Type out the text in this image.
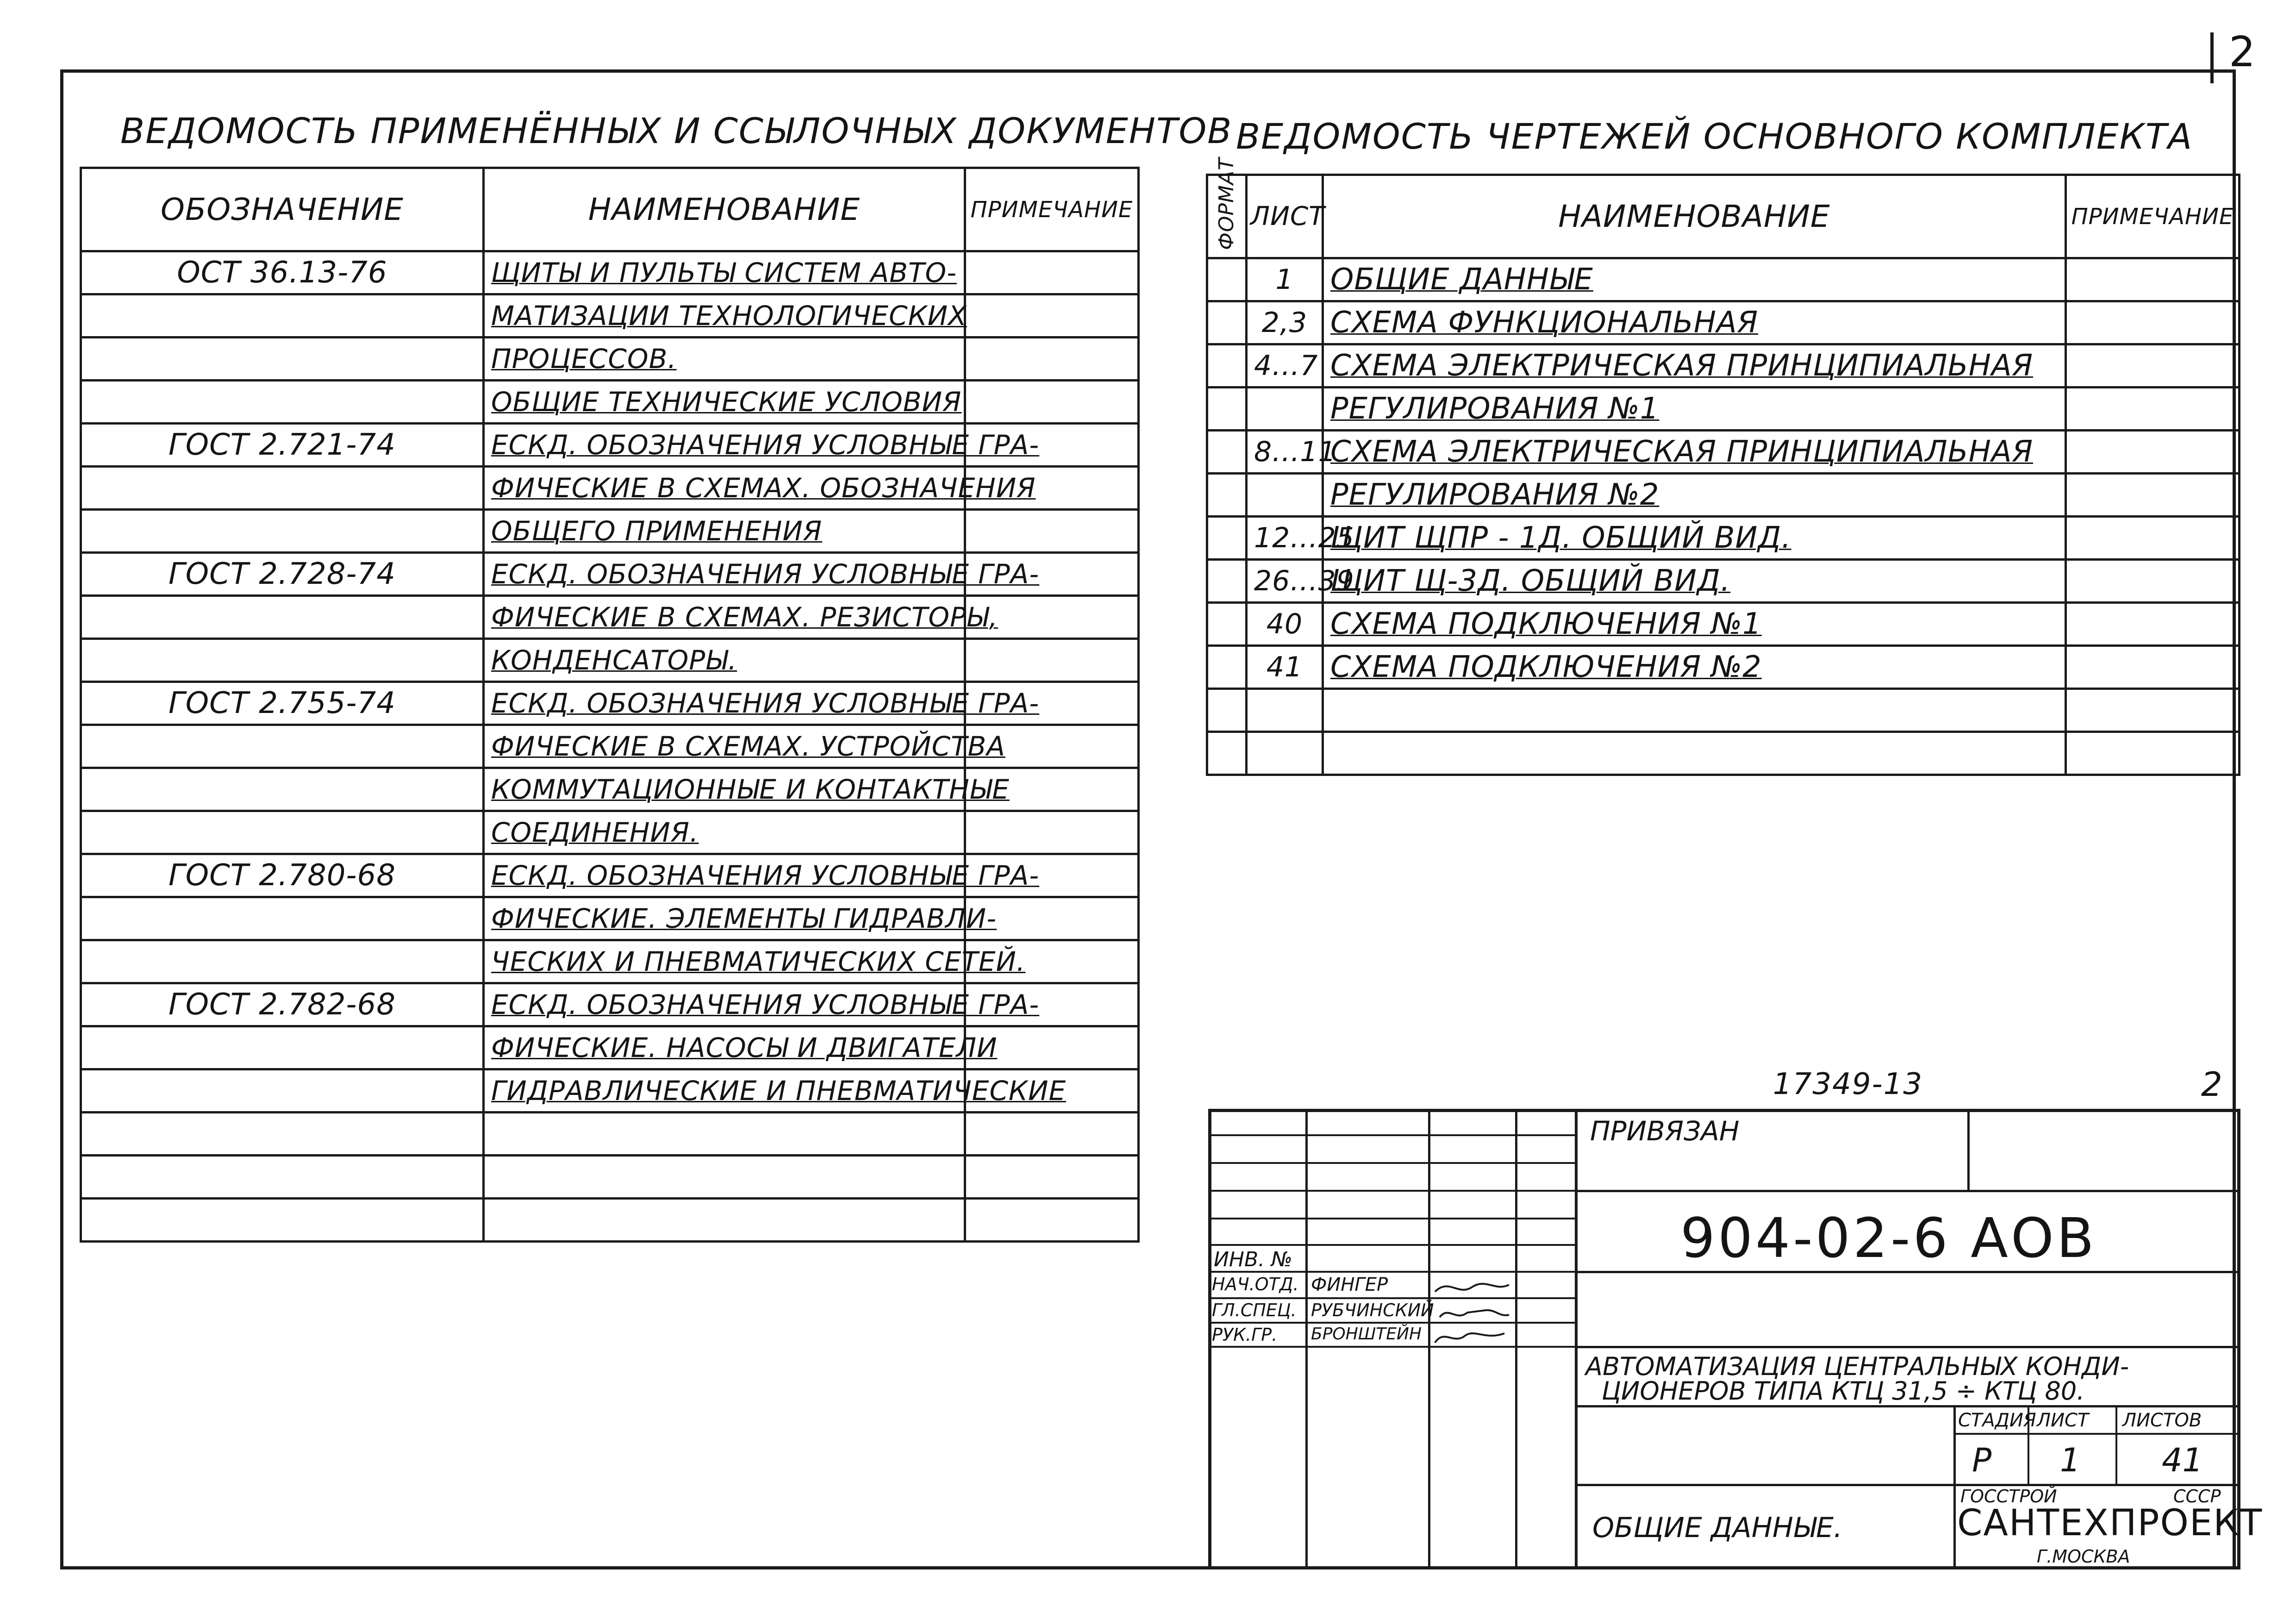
2
ВЕДОМОСТЬ ПРИМЕНЁННЫХ И ССЫЛОЧНЫХ ДОКУМЕНТОВ
ОБОЗНАЧЕНИЕ	НАИМЕНОВАНИЕ	ПРИМЕЧАНИЕ
ОСТ 36.13-76	ЩИТЫ И ПУЛЬТЫ СИСТЕМ АВТО-	
	МАТИЗАЦИИ ТЕХНОЛОГИЧЕСКИХ	
	ПРОЦЕССОВ.	
	ОБЩИЕ ТЕХНИЧЕСКИЕ УСЛОВИЯ	
ГОСТ 2.721-74	ЕСКД. ОБОЗНАЧЕНИЯ УСЛОВНЫЕ ГРА-	
	ФИЧЕСКИЕ В СХЕМАХ. ОБОЗНАЧЕНИЯ	
	ОБЩЕГО ПРИМЕНЕНИЯ	
ГОСТ 2.728-74	ЕСКД. ОБОЗНАЧЕНИЯ УСЛОВНЫЕ ГРА-	
	ФИЧЕСКИЕ В СХЕМАХ. РЕЗИСТОРЫ,	
	КОНДЕНСАТОРЫ.	
ГОСТ 2.755-74	ЕСКД. ОБОЗНАЧЕНИЯ УСЛОВНЫЕ ГРА-	
	ФИЧЕСКИЕ В СХЕМАХ. УСТРОЙСТВА	
	КОММУТАЦИОННЫЕ И КОНТАКТНЫЕ	
	СОЕДИНЕНИЯ.	
ГОСТ 2.780-68	ЕСКД. ОБОЗНАЧЕНИЯ УСЛОВНЫЕ ГРА-	
	ФИЧЕСКИЕ. ЭЛЕМЕНТЫ ГИДРАВЛИ-	
	ЧЕСКИХ И ПНЕВМАТИЧЕСКИХ СЕТЕЙ.	
ГОСТ 2.782-68	ЕСКД. ОБОЗНАЧЕНИЯ УСЛОВНЫЕ ГРА-	
	ФИЧЕСКИЕ. НАСОСЫ И ДВИГАТЕЛИ	
	ГИДРАВЛИЧЕСКИЕ И ПНЕВМАТИЧЕСКИЕ	

ВЕДОМОСТЬ ЧЕРТЕЖЕЙ ОСНОВНОГО КОМПЛЕКТА
ФОРМАТ	ЛИСТ	НАИМЕНОВАНИЕ	ПРИМЕЧАНИЕ
	1	ОБЩИЕ ДАННЫЕ	
	2,3	СХЕМА ФУНКЦИОНАЛЬНАЯ	
	4...7	СХЕМА ЭЛЕКТРИЧЕСКАЯ ПРИНЦИПИАЛЬНАЯ	
		РЕГУЛИРОВАНИЯ №1	
	8...11	СХЕМА ЭЛЕКТРИЧЕСКАЯ ПРИНЦИПИАЛЬНАЯ	
		РЕГУЛИРОВАНИЯ №2	
	12...25	ЩИТ ЩПР - 1Д. ОБЩИЙ ВИД.	
	26...39	ЩИТ Щ-3Д. ОБЩИЙ ВИД.	
	40	СХЕМА ПОДКЛЮЧЕНИЯ №1	
	41	СХЕМА ПОДКЛЮЧЕНИЯ №2	

17349-13	2
ПРИВЯЗАН
904-02-6 АОВ
ИНВ. №
НАЧ.ОТД. ФИНГЕР
ГЛ.СПЕЦ. РУБЧИНСКИЙ
РУК.ГР. БРОНШТЕЙН
АВТОМАТИЗАЦИЯ ЦЕНТРАЛЬНЫХ КОНДИ-
ЦИОНЕРОВ ТИПА КТЦ 31,5 ÷ КТЦ 80.
СТАДИЯ ЛИСТ ЛИСТОВ
Р 1	41
ОБЩИЕ ДАННЫЕ.
ГОССТРОЙ	СССР
САНТЕХПРОЕКТ
Г.МОСКВА
